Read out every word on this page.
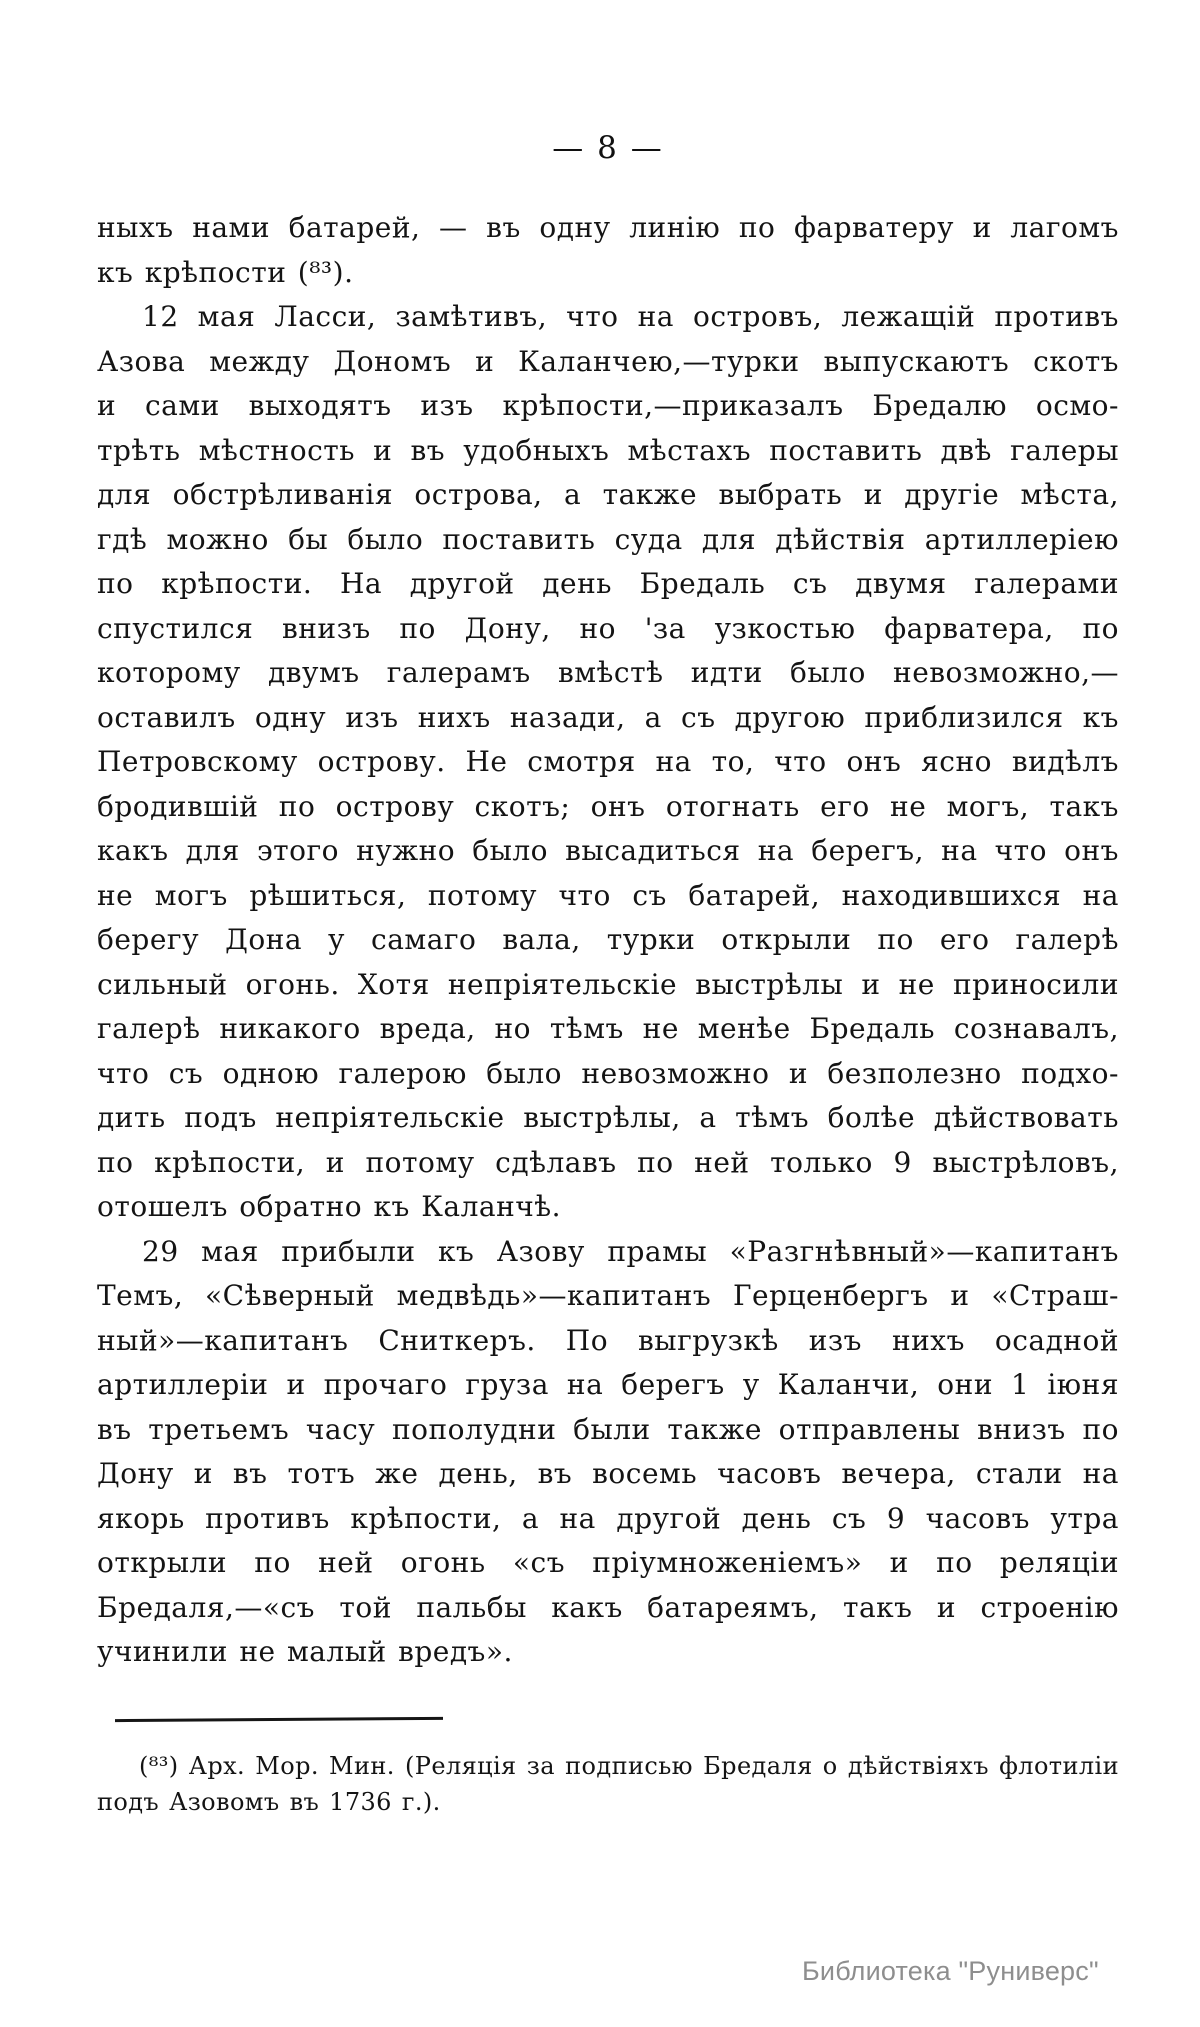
— 8 —
ныхъ нами батарей, — въ одну линію по фарватеру и лагомъ
къ крѣпости (⁸³).
12 мая Ласси, замѣтивъ, что на островъ, лежащій противъ
Азова между Дономъ и Каланчею,—турки выпускаютъ скотъ
и сами выходятъ изъ крѣпости,—приказалъ Бредалю осмо-
трѣть мѣстность и въ удобныхъ мѣстахъ поставить двѣ галеры
для обстрѣливанія острова, а также выбрать и другіе мѣста,
гдѣ можно бы было поставить суда для дѣйствія артиллеріею
по крѣпости. На другой день Бредаль съ двумя галерами
спустился внизъ по Дону, но 'за узкостью фарватера, по
которому двумъ галерамъ вмѣстѣ идти было невозможно,—
оставилъ одну изъ нихъ назади, а съ другою приблизился къ
Петровскому острову. Не смотря на то, что онъ ясно видѣлъ
бродившій по острову скотъ; онъ отогнать его не могъ, такъ
какъ для этого нужно было высадиться на берегъ, на что онъ
не могъ рѣшиться, потому что съ батарей, находившихся на
берегу Дона у самаго вала, турки открыли по его галерѣ
сильный огонь. Хотя непріятельскіе выстрѣлы и не приносили
галерѣ никакого вреда, но тѣмъ не менѣе Бредаль сознавалъ,
что съ одною галерою было невозможно и безполезно подхо-
дить подъ непріятельскіе выстрѣлы, а тѣмъ болѣе дѣйствовать
по крѣпости, и потому сдѣлавъ по ней только 9 выстрѣловъ,
отошелъ обратно къ Каланчѣ.
29 мая прибыли къ Азову прамы «Разгнѣвный»—капитанъ
Темъ, «Сѣверный медвѣдь»—капитанъ Герценбергъ и «Страш-
ный»—капитанъ Сниткеръ. По выгрузкѣ изъ нихъ осадной
артиллеріи и прочаго груза на берегъ у Каланчи, они 1 іюня
въ третьемъ часу пополудни были также отправлены внизъ по
Дону и въ тотъ же день, въ восемь часовъ вечера, стали на
якорь противъ крѣпости, а на другой день съ 9 часовъ утра
открыли по ней огонь «съ пріумноженіемъ» и по реляціи
Бредаля,—«съ той пальбы какъ батареямъ, такъ и строенію
учинили не малый вредъ».
(⁸³) Арх. Мор. Мин. (Реляція за подписью Бредаля о дѣйствіяхъ флотиліи
подъ Азовомъ въ 1736 г.).
Библиотека "Руниверс"
